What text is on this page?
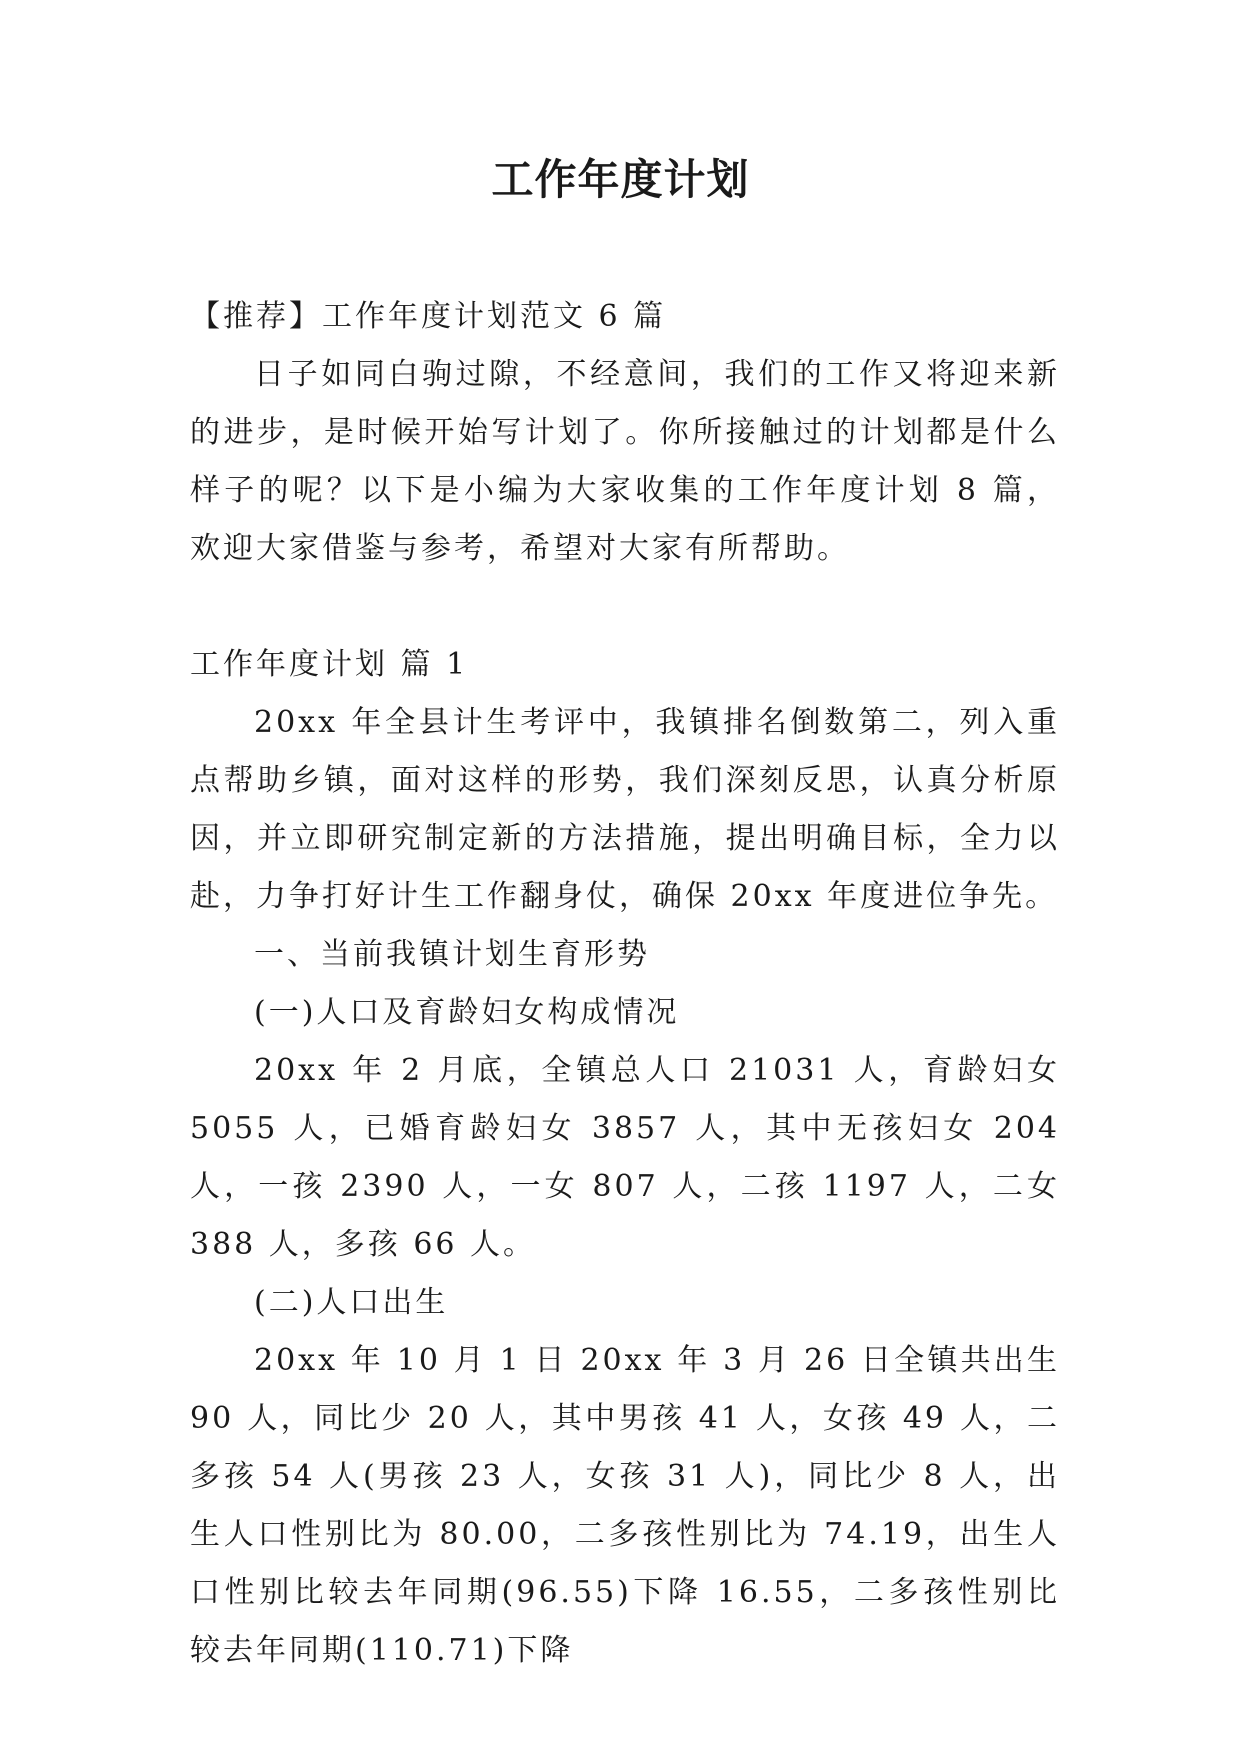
工作年度计划

【推荐】工作年度计划范文 6 篇

日子如同白驹过隙，不经意间，我们的工作又将迎来新的进步，是时候开始写计划了。你所接触过的计划都是什么样子的呢？以下是小编为大家收集的工作年度计划 8 篇，欢迎大家借鉴与参考，希望对大家有所帮助。

工作年度计划 篇 1

20xx 年全县计生考评中，我镇排名倒数第二，列入重点帮助乡镇，面对这样的形势，我们深刻反思，认真分析原因，并立即研究制定新的方法措施，提出明确目标，全力以赴，力争打好计生工作翻身仗，确保 20xx 年度进位争先。

一、当前我镇计划生育形势

(一)人口及育龄妇女构成情况

20xx 年 2 月底，全镇总人口 21031 人，育龄妇女 5055 人，已婚育龄妇女 3857 人，其中无孩妇女 204 人，一孩 2390 人，一女 807 人，二孩 1197 人，二女 388 人，多孩 66 人。

(二)人口出生

20xx 年 10 月 1 日 20xx 年 3 月 26 日全镇共出生 90 人，同比少 20 人，其中男孩 41 人，女孩 49 人，二多孩 54 人(男孩 23 人，女孩 31 人)，同比少 8 人，出生人口性别比为 80.00，二多孩性别比为 74.19，出生人口性别比较去年同期(96.55)下降 16.55，二多孩性别比较去年同期(110.71)下降
